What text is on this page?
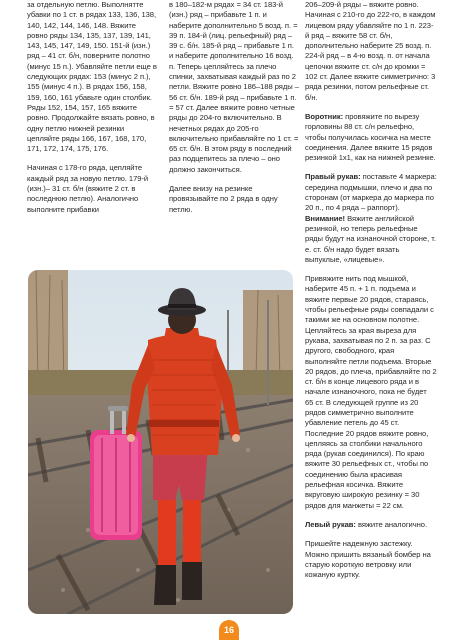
за отдельную петлю. Выполнятте убавки по 1 ст. в рядах 133, 136, 138, 140, 142, 144, 146, 148. Вяжите ровно ряды 134, 135, 137, 139, 141, 143, 145, 147, 149, 150. 151-й (изн.) ряд – 41 ст. б/н, поверните полотно (минус 15 п.). Убавляйте петли еще в следующих рядах: 153 (минус 2 п.), 155 (минус 4 п.). В рядах 156, 158, 159, 160, 161 убавьте один столбик. Ряды 152, 154, 157, 165 вяжите ровно. Продолжайте вязать ровно, в одну петлю нижней резинки цепляйте ряды 166, 167, 168, 170, 171, 172, 174, 175, 176.

Начиная с 178-го ряда, цепляйте каждый ряд за новую петлю. 179-й (изн.)– 31 ст. б/н (вяжите 2 ст. в последнюю петлю). Аналогично выполните прибавки

в 180–182-м рядах = 34 ст. 183-й (изн.) ряд – прибавьте 1 п. и наберите дополнительно 5 возд. п. = 39 п. 184-й (лиц. рельефный) ряд – 39 с. б/н. 185-й ряд – прибавьте 1 п. и наберите дополнительно 16 возд. п. Теперь цепляйтесь за плечо спинки, захватывая каждый раз по 2 петли. Вяжите ровно 186–188 ряды – 56 ст. б/н. 189-й ряд – прибавьте 1 п. = 57 ст. Далее вяжите ровно четные ряды до 204-го включительно. В нечетных рядах до 205-го включительно прибавляйте по 1 ст. = 65 ст. б/н. В этом ряду в последний раз подцепитесь за плечо – оно должно закончиться.

Далее внизу на резинке провязывайте по 2 ряда в одну петлю.

206–209-й ряды – вяжите ровно. Начиная с 210-го до 222-го, в каждом лицевом ряду убавляйте по 1 п. 223-й ряд – вяжите 58 ст. б/н, дополнительно наберите 25 возд. п. 224-й ряд – в 4-ю возд. п. от начала цепочки вяжите ст. с/н до кромки = 102 ст. Далее вяжите симметрично: 3 ряда резинки, потом рельефные ст. б/н.

Воротник: провяжите по вырезу горловины 88 ст. с/н рельефно, чтобы получилась косичка на месте соединения. Далее вяжите 15 рядов резинкой 1х1, как на нижней резинке.

Правый рукав: поставьте 4 маркера: середина подмышки, плечо и два по сторонам (от маркера до маркера по 20 п., по 4 ряда – раппорт). Внимание! Вяжите английской резинкой, но теперь рельефные ряды будут на изнаночной стороне, т. е. ст. б/н надо будет вязать выпуклые, «лицевые».

Привяжите нить под мышкой, наберите 45 п. + 1 п. подъема и вяжите первые 20 рядов, стараясь, чтобы рельефные ряды совпадали с такими же на основном полотне. Цепляйтесь за края выреза для рукава, захватывая по 2 п. за раз. С другого, свободного, края выполняйте петли подъема. Вторые 20 рядов, до плеча, прибавляйте по 2 ст. б/н в конце лицевого ряда и в начале изнаночного, пока не будет 65 ст. В следующей группе из 20 рядов симметрично выполните убавление петель до 45 ст. Последние 20 рядов вяжите ровно, цепляясь за столбики начального ряда (рукав соединился). По краю вяжите 30 рельефных ст., чтобы по соединению была красивая рельефная косичка. Вяжите вкруговую широкую резинку = 30 рядов для манжеты = 22 см.

Левый рукав: вяжите аналогично.

Пришейте надежную застежку. Можно пришить вязаный бомбер на старую короткую ветровку или кожаную куртку.

16
